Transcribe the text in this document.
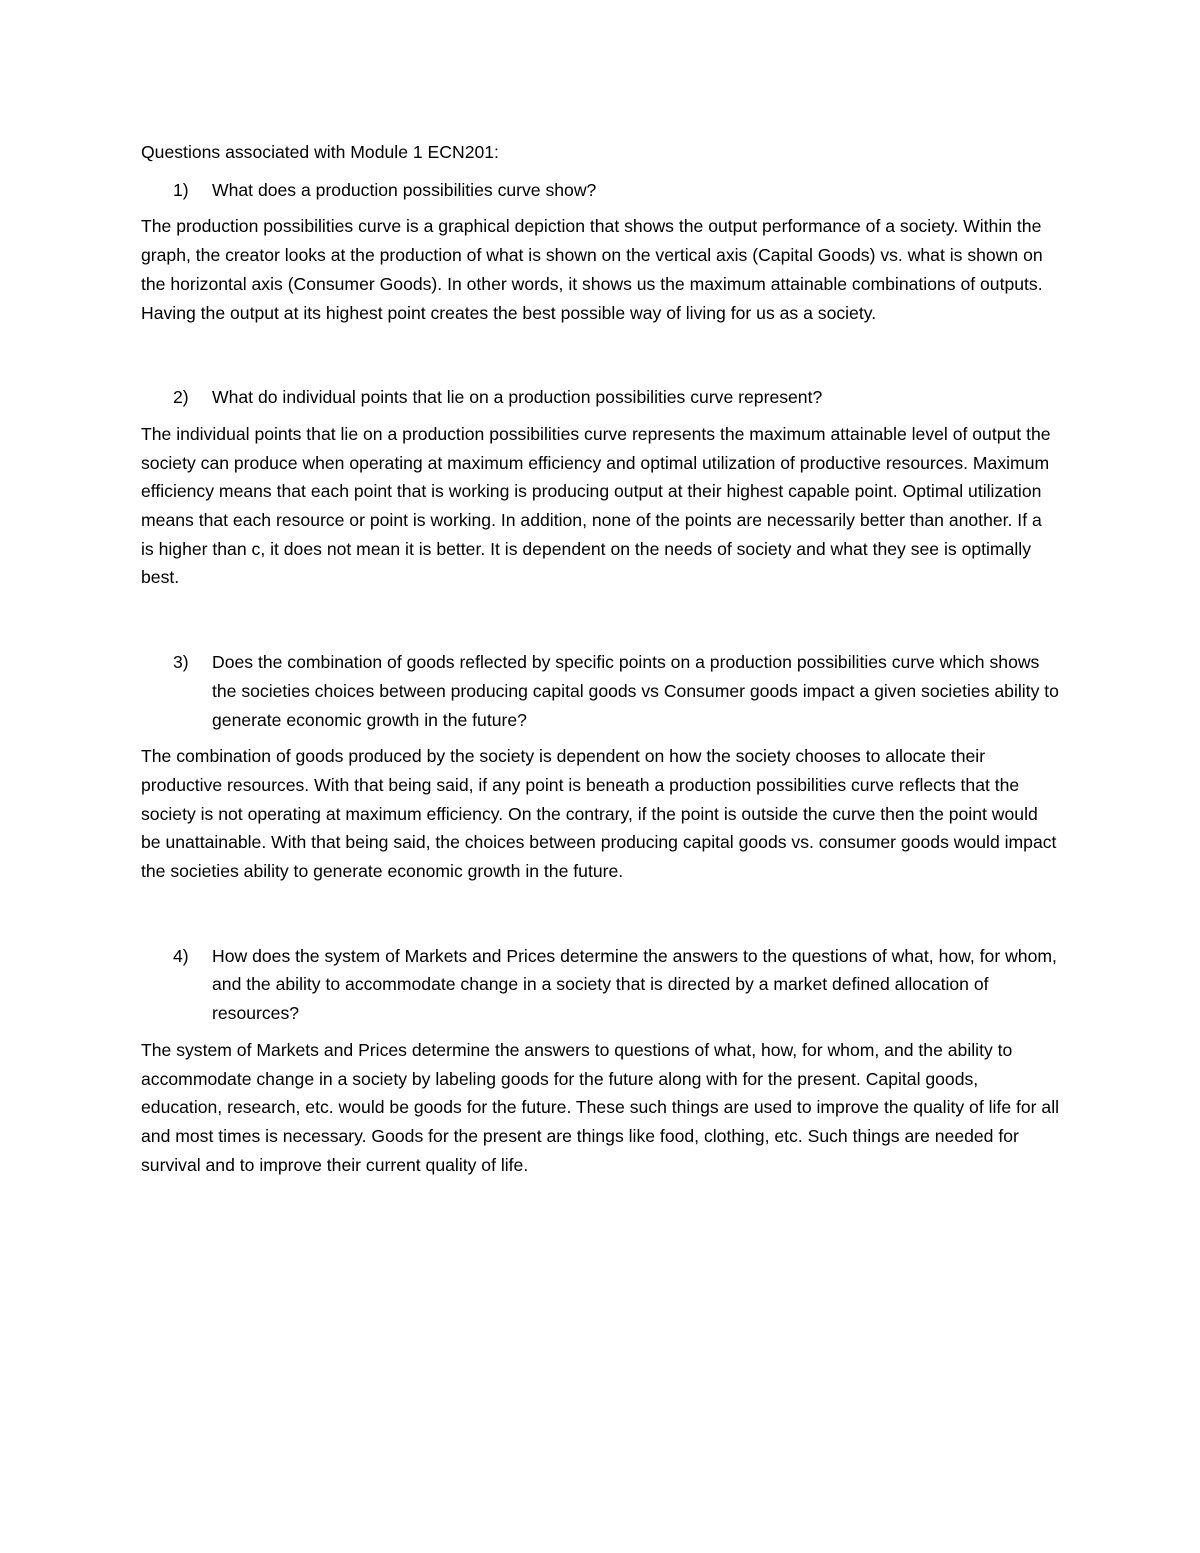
Questions associated with Module 1 ECN201:

1) What does a production possibilities curve show?

The production possibilities curve is a graphical depiction that shows the output performance of a society. Within the graph, the creator looks at the production of what is shown on the vertical axis (Capital Goods) vs. what is shown on the horizontal axis (Consumer Goods). In other words, it shows us the maximum attainable combinations of outputs. Having the output at its highest point creates the best possible way of living for us as a society.

2) What do individual points that lie on a production possibilities curve represent?

The individual points that lie on a production possibilities curve represents the maximum attainable level of output the society can produce when operating at maximum efficiency and optimal utilization of productive resources. Maximum efficiency means that each point that is working is producing output at their highest capable point. Optimal utilization means that each resource or point is working. In addition, none of the points are necessarily better than another. If a is higher than c, it does not mean it is better. It is dependent on the needs of society and what they see is optimally best.

3) Does the combination of goods reflected by specific points on a production possibilities curve which shows the societies choices between producing capital goods vs Consumer goods impact a given societies ability to generate economic growth in the future?

The combination of goods produced by the society is dependent on how the society chooses to allocate their productive resources. With that being said, if any point is beneath a production possibilities curve reflects that the society is not operating at maximum efficiency. On the contrary, if the point is outside the curve then the point would be unattainable. With that being said, the choices between producing capital goods vs. consumer goods would impact the societies ability to generate economic growth in the future.

4) How does the system of Markets and Prices determine the answers to the questions of what, how, for whom, and the ability to accommodate change in a society that is directed by a market defined allocation of resources?

The system of Markets and Prices determine the answers to questions of what, how, for whom, and the ability to accommodate change in a society by labeling goods for the future along with for the present. Capital goods, education, research, etc. would be goods for the future. These such things are used to improve the quality of life for all and most times is necessary. Goods for the present are things like food, clothing, etc. Such things are needed for survival and to improve their current quality of life.
